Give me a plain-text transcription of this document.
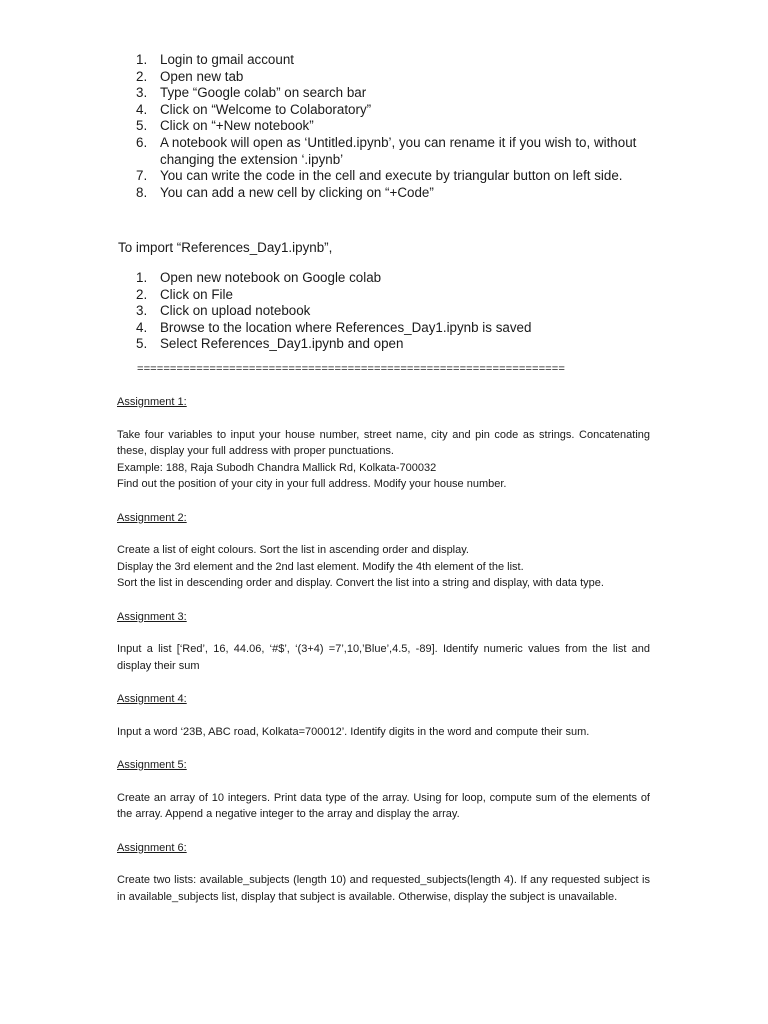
1. Login to gmail account
2. Open new tab
3. Type “Google colab” on search bar
4. Click on “Welcome to Colaboratory”
5. Click on “+New notebook”
6. A notebook will open as ‘Untitled.ipynb’, you can rename it if you wish to, without changing the extension ‘.ipynb’
7. You can write the code in the cell and execute by triangular button on left side.
8. You can add a new cell by clicking on “+Code”

To import “References_Day1.ipynb”,

1. Open new notebook on Google colab
2. Click on File
3. Click on upload notebook
4. Browse to the location where References_Day1.ipynb is saved
5. Select References_Day1.ipynb and open

=================================================================

Assignment 1:

Take four variables to input your house number, street name, city and pin code as strings. Concatenating these, display your full address with proper punctuations.

Example: 188, Raja Subodh Chandra Mallick Rd, Kolkata-700032

Find out the position of your city in your full address. Modify your house number.

Assignment 2:

Create a list of eight colours. Sort the list in ascending order and display.

Display the 3rd element and the 2nd last element. Modify the 4th element of the list.

Sort the list in descending order and display. Convert the list into a string and display, with data type.

Assignment 3:

Input a list [‘Red’, 16, 44.06, ‘#$’, ‘(3+4) =7’,10,’Blue’,4.5, -89]. Identify numeric values from the list and display their sum

Assignment 4:

Input a word ‘23B, ABC road, Kolkata=700012’. Identify digits in the word and compute their sum.

Assignment 5:

Create an array of 10 integers. Print data type of the array. Using for loop, compute sum of the elements of the array. Append a negative integer to the array and display the array.

Assignment 6:

Create two lists: available_subjects (length 10) and requested_subjects(length 4). If any requested subject is in available_subjects list, display that subject is available. Otherwise, display the subject is unavailable.
